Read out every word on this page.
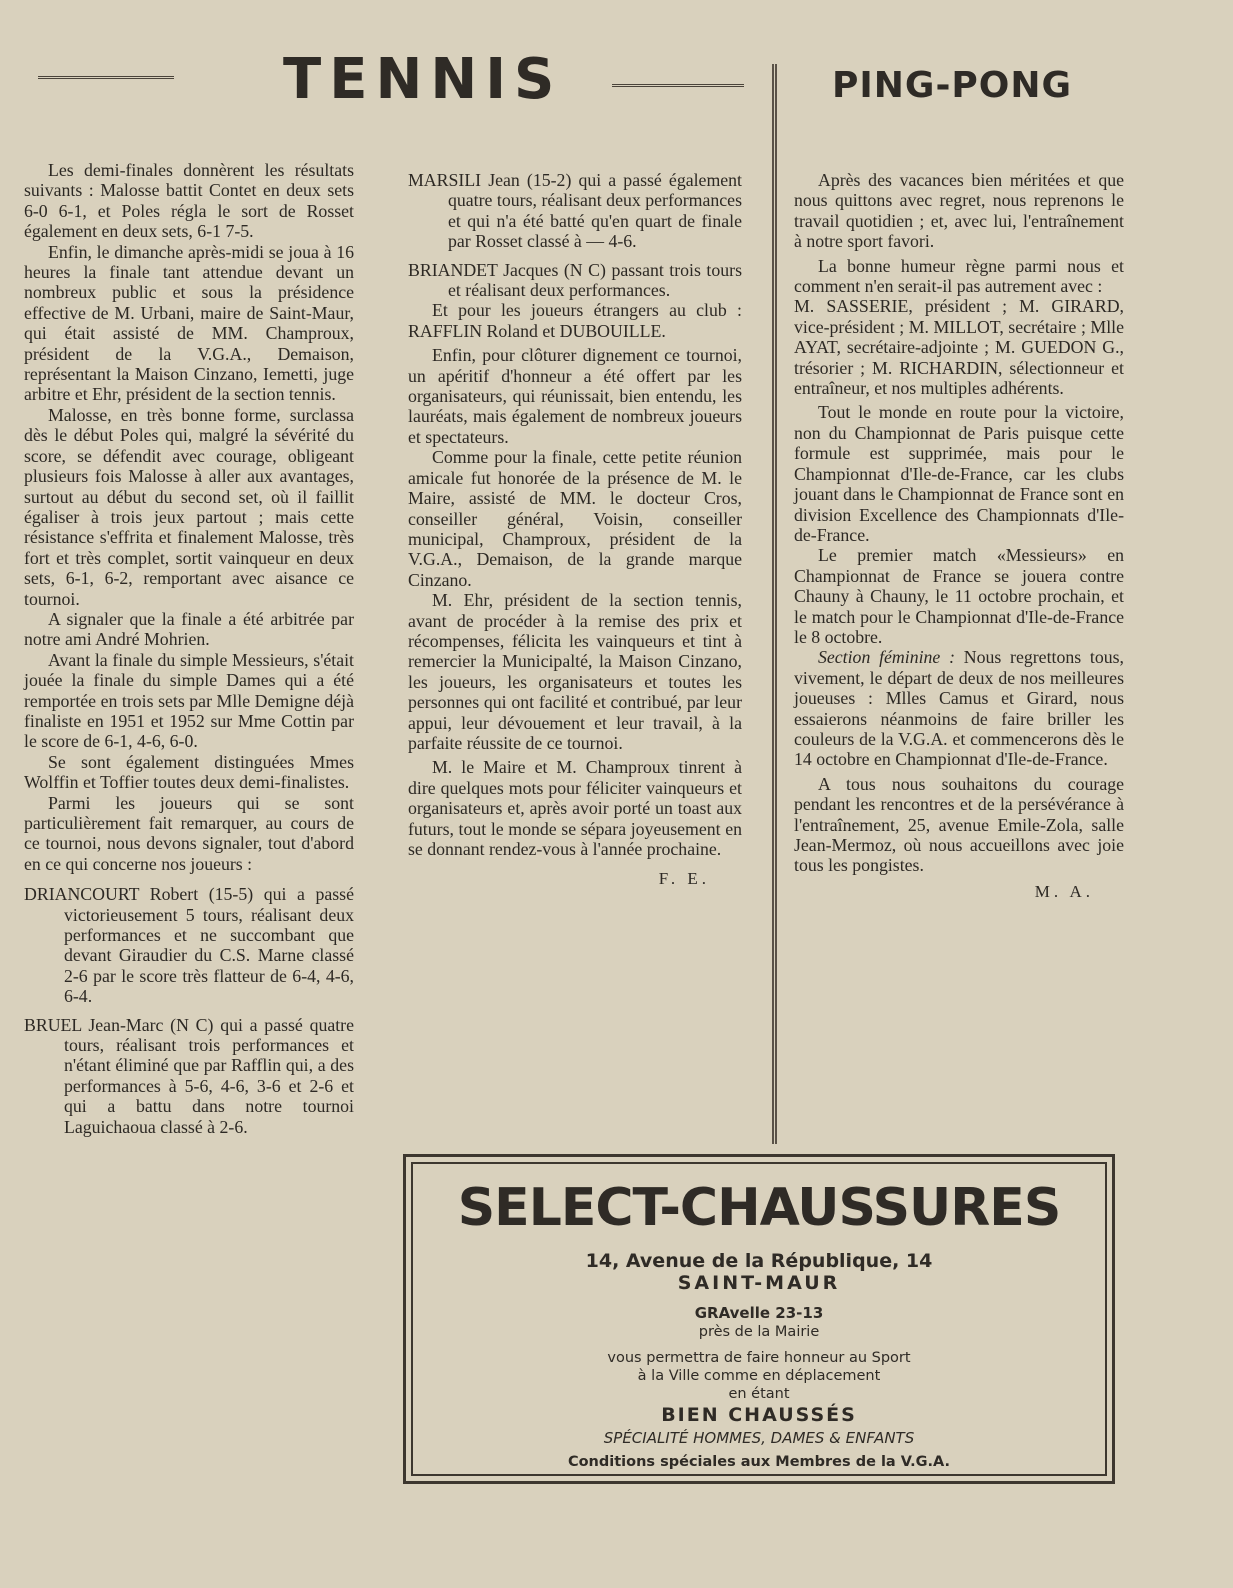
TENNIS	PING-PONG

Les demi-finales donnèrent les résultats suivants : Malosse battit Contet en deux sets 6-0 6-1, et Poles régla le sort de Rosset également en deux sets, 6-1 7-5.

Enfin, le dimanche après-midi se joua à 16 heures la finale tant attendue devant un nombreux public et sous la présidence effective de M. Urbani, maire de Saint-Maur, qui était assisté de MM. Champroux, président de la V.G.A., Demaison, représentant la Maison Cinzano, Iemetti, juge arbitre et Ehr, président de la section tennis.

Malosse, en très bonne forme, surclassa dès le début Poles qui, malgré la sévérité du score, se défendit avec courage, obligeant plusieurs fois Malosse à aller aux avantages, surtout au début du second set, où il faillit égaliser à trois jeux partout ; mais cette résistance s'effrita et finalement Malosse, très fort et très complet, sortit vainqueur en deux sets, 6-1, 6-2, remportant avec aisance ce tournoi.

A signaler que la finale a été arbitrée par notre ami André Mohrien.

Avant la finale du simple Messieurs, s'était jouée la finale du simple Dames qui a été remportée en trois sets par Mlle Demigne déjà finaliste en 1951 et 1952 sur Mme Cottin par le score de 6-1, 4-6, 6-0.

Se sont également distinguées Mmes Wolffin et Toffier toutes deux demi-finalistes.

Parmi les joueurs qui se sont particulièrement fait remarquer, au cours de ce tournoi, nous devons signaler, tout d'abord en ce qui concerne nos joueurs :

DRIANCOURT Robert (15-5) qui a passé victorieusement 5 tours, réalisant deux performances et ne succombant que devant Giraudier du C.S. Marne classé 2-6 par le score très flatteur de 6-4, 4-6, 6-4.

BRUEL Jean-Marc (N C) qui a passé quatre tours, réalisant trois performances et n'étant éliminé que par Rafflin qui, a des performances à 5-6, 4-6, 3-6 et 2-6 et qui a battu dans notre tournoi Laguichaoua classé à 2-6.

MARSILI Jean (15-2) qui a passé également quatre tours, réalisant deux performances et qui n'a été batté qu'en quart de finale par Rosset classé à — 4-6.

BRIANDET Jacques (N C) passant trois tours et réalisant deux performances.

Et pour les joueurs étrangers au club : RAFFLIN Roland et DUBOUILLE.

Enfin, pour clôturer dignement ce tournoi, un apéritif d'honneur a été offert par les organisateurs, qui réunissait, bien entendu, les lauréats, mais également de nombreux joueurs et spectateurs.

Comme pour la finale, cette petite réunion amicale fut honorée de la présence de M. le Maire, assisté de MM. le docteur Cros, conseiller général, Voisin, conseiller municipal, Champroux, président de la V.G.A., Demaison, de la grande marque Cinzano.

M. Ehr, président de la section tennis, avant de procéder à la remise des prix et récompenses, félicita les vainqueurs et tint à remercier la Municipalté, la Maison Cinzano, les joueurs, les organisateurs et toutes les personnes qui ont facilité et contribué, par leur appui, leur dévouement et leur travail, à la parfaite réussite de ce tournoi.

M. le Maire et M. Champroux tinrent à dire quelques mots pour féliciter vainqueurs et organisateurs et, après avoir porté un toast aux futurs, tout le monde se sépara joyeusement en se donnant rendez-vous à l'année prochaine.

F. E.

Après des vacances bien méritées et que nous quittons avec regret, nous reprenons le travail quotidien ; et, avec lui, l'entraînement à notre sport favori.

La bonne humeur règne parmi nous et comment n'en serait-il pas autrement avec :

M. SASSERIE, président ; M. GIRARD, vice-président ; M. MILLOT, secrétaire ; Mlle AYAT, secrétaire-adjointe ; M. GUEDON G., trésorier ; M. RICHARDIN, sélectionneur et entraîneur, et nos multiples adhérents.

Tout le monde en route pour la victoire, non du Championnat de Paris puisque cette formule est supprimée, mais pour le Championnat d'Ile-de-France, car les clubs jouant dans le Championnat de France sont en division Excellence des Championnats d'Ile-de-France.

Le premier match «Messieurs» en Championnat de France se jouera contre Chauny à Chauny, le 11 octobre prochain, et le match pour le Championnat d'Ile-de-France le 8 octobre.

Section féminine : Nous regrettons tous, vivement, le départ de deux de nos meilleures joueuses : Mlles Camus et Girard, nous essaierons néanmoins de faire briller les couleurs de la V.G.A. et commencerons dès le 14 octobre en Championnat d'Ile-de-France.

A tous nous souhaitons du courage pendant les rencontres et de la persévérance à l'entraînement, 25, avenue Emile-Zola, salle Jean-Mermoz, où nous accueillons avec joie tous les pongistes.

M. A.
SELECT-CHAUSSURES
14, Avenue de la République, 14
SAINT-MAUR
GRAvelle 23-13
près de la Mairie
vous permettra de faire honneur au Sport
à la Ville comme en déplacement
en étant
BIEN CHAUSSÉS
SPÉCIALITÉ HOMMES, DAMES & ENFANTS
Conditions spéciales aux Membres de la V.G.A.
